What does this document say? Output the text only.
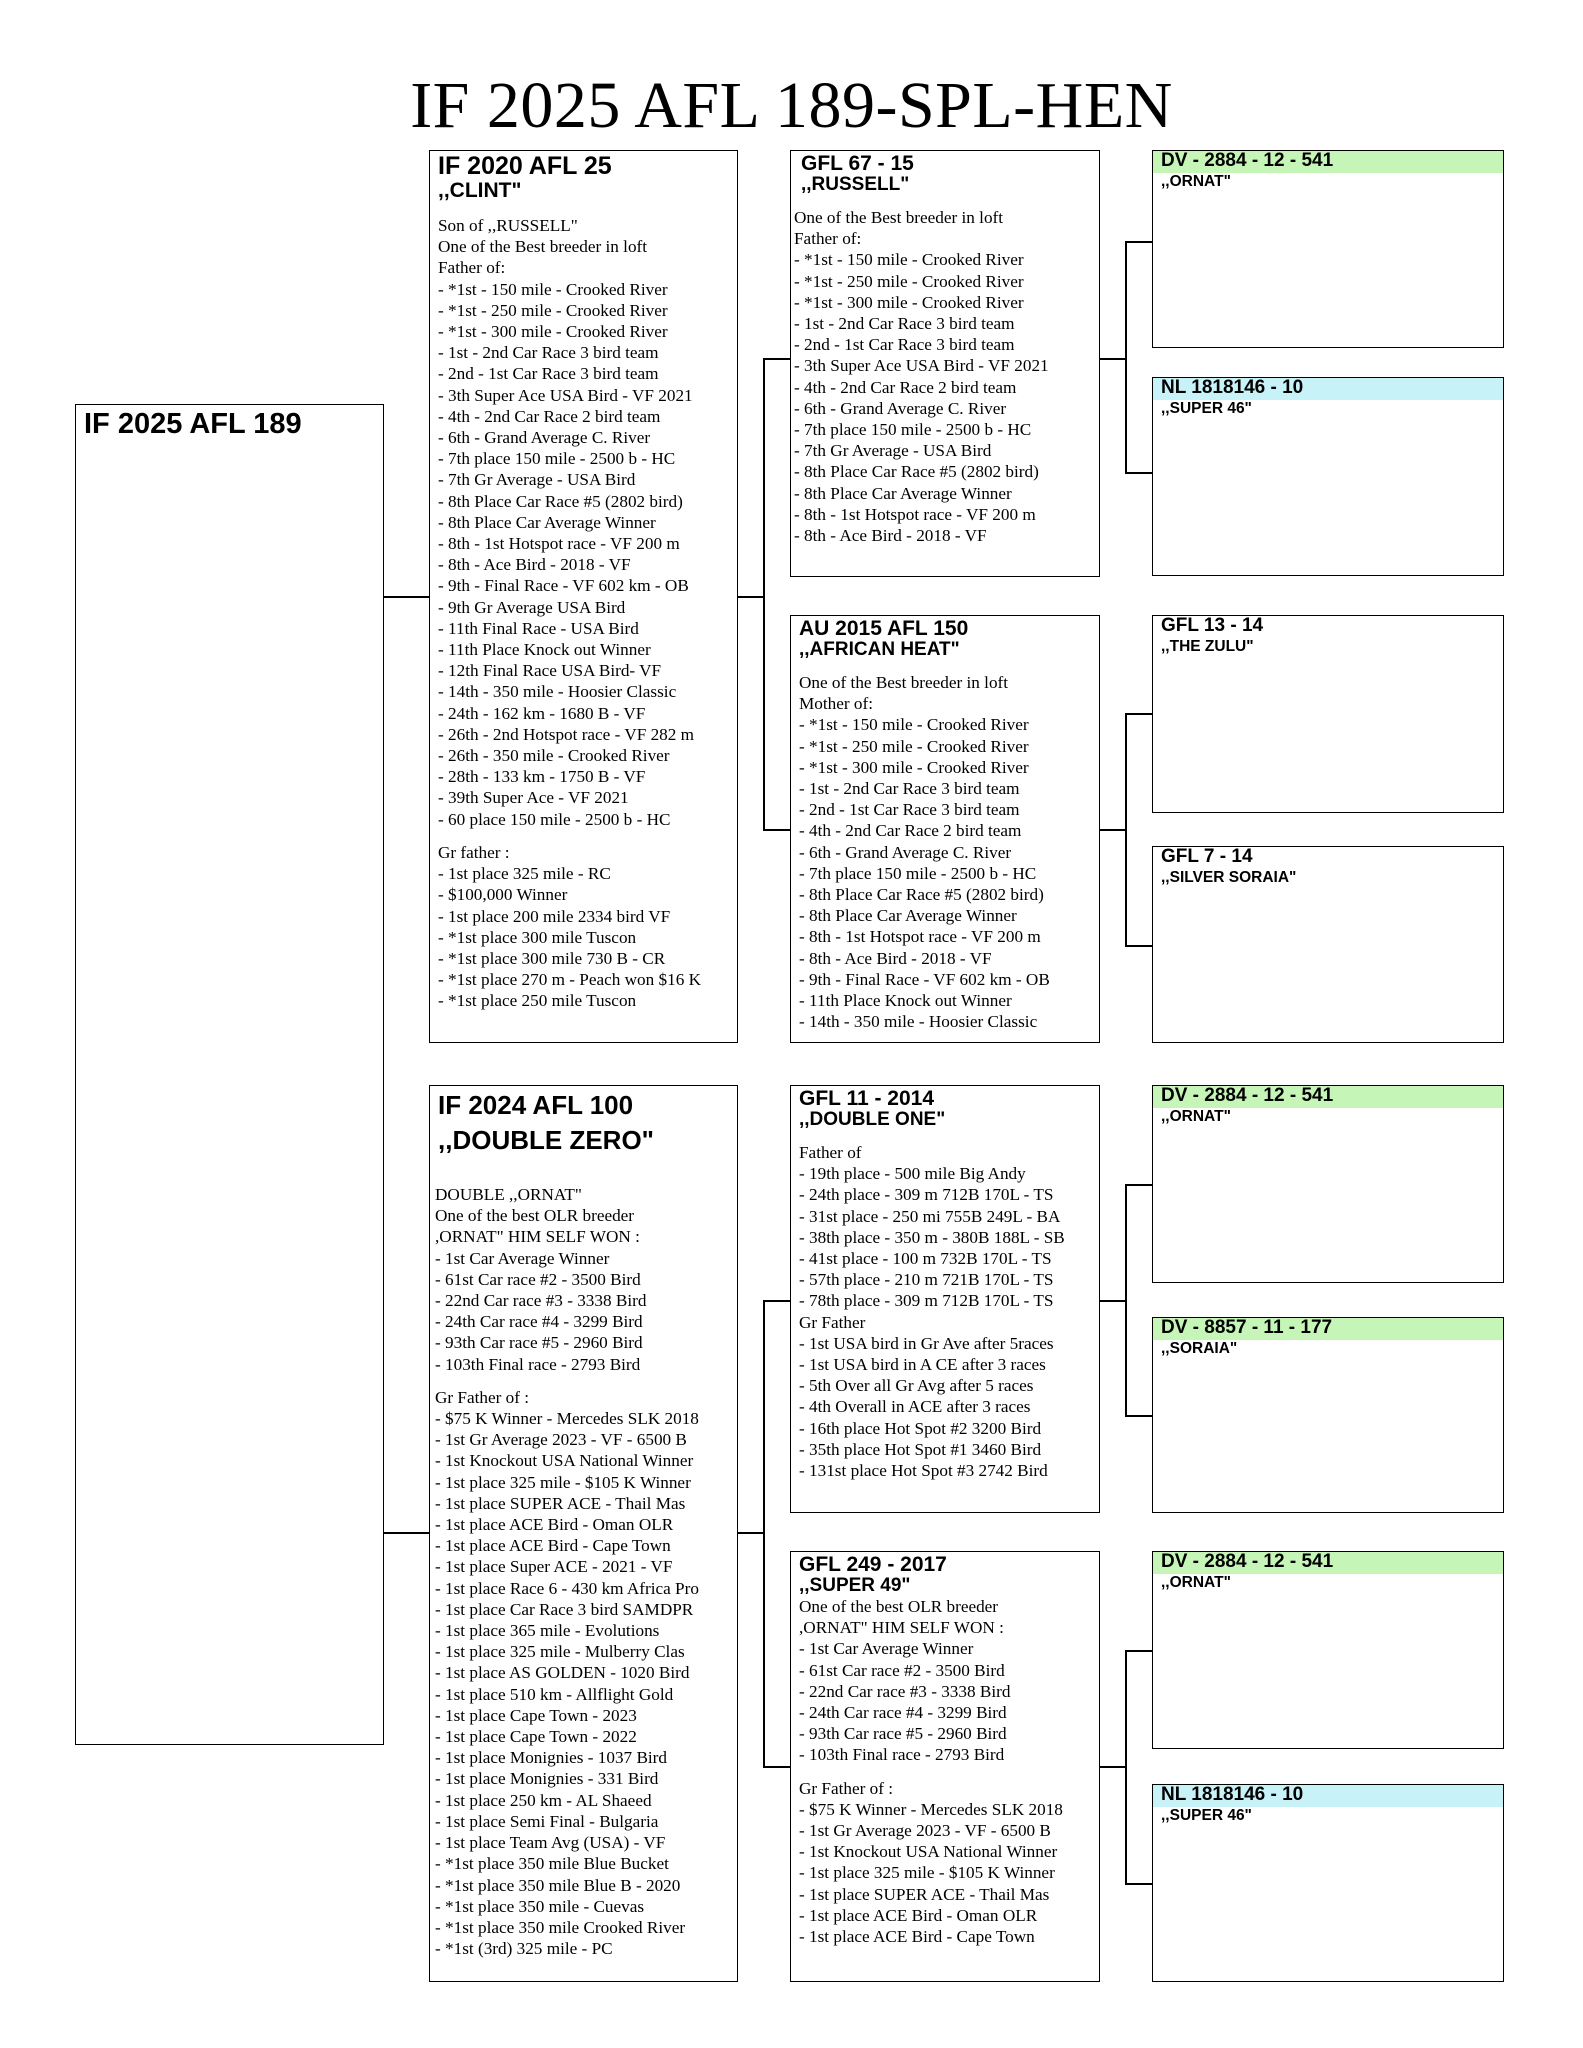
IF 2025 AFL 189-SPL-HEN
IF 2025 AFL 189
IF 2020 AFL 25
,,CLINT"
Son of ,,RUSSELL"
One of the Best breeder in loft
Father of:
- *1st - 150 mile - Crooked River
- *1st - 250 mile - Crooked River
- *1st - 300 mile - Crooked River
- 1st - 2nd Car Race 3 bird team
- 2nd - 1st Car Race 3 bird team
- 3th Super Ace USA Bird - VF 2021
- 4th - 2nd Car Race 2 bird team
- 6th - Grand Average C. River
- 7th place 150 mile - 2500 b - HC
- 7th Gr Average - USA Bird
- 8th Place Car Race #5 (2802 bird)
- 8th Place Car Average Winner
- 8th - 1st Hotspot race - VF 200 m
- 8th - Ace Bird - 2018 - VF
- 9th - Final Race - VF 602 km - OB
- 9th Gr Average USA Bird
- 11th Final Race - USA Bird
- 11th Place Knock out Winner
- 12th Final Race USA Bird- VF
- 14th - 350 mile - Hoosier Classic
- 24th - 162 km - 1680 B - VF
- 26th - 2nd Hotspot race - VF 282 m
- 26th - 350 mile - Crooked River
- 28th - 133 km - 1750 B - VF
- 39th Super Ace - VF 2021
- 60 place 150 mile - 2500 b - HC
Gr father :
- 1st place 325 mile - RC
- $100,000 Winner
- 1st place 200 mile 2334 bird VF
- *1st place 300 mile Tuscon
- *1st place 300 mile 730 B - CR
- *1st place 270 m - Peach won $16 K
- *1st place 250 mile Tuscon
IF 2024 AFL 100
,,DOUBLE ZERO"
DOUBLE ,,ORNAT"
One of the best OLR breeder
,ORNAT" HIM SELF WON :
- 1st Car Average Winner
- 61st Car race #2 - 3500 Bird
- 22nd Car race #3 - 3338 Bird
- 24th Car race #4 - 3299 Bird
- 93th Car race #5 - 2960 Bird
- 103th Final race - 2793 Bird
Gr Father of :
- $75 K Winner - Mercedes SLK 2018
- 1st Gr Average 2023 - VF - 6500 B
- 1st Knockout USA National Winner
- 1st place 325 mile - $105 K Winner
- 1st place SUPER ACE - Thail Mas
- 1st place ACE Bird - Oman OLR
- 1st place ACE Bird - Cape Town
- 1st place Super ACE - 2021 - VF
- 1st place Race 6 - 430 km Africa Pro
- 1st place Car Race 3 bird SAMDPR
- 1st place 365 mile - Evolutions
- 1st place 325 mile - Mulberry Clas
- 1st place AS GOLDEN - 1020 Bird
- 1st place 510 km - Allflight Gold
- 1st place Cape Town - 2023
- 1st place Cape Town - 2022
- 1st place Monignies - 1037 Bird
- 1st place Monignies - 331 Bird
- 1st place 250 km - AL Shaeed
- 1st place Semi Final - Bulgaria
- 1st place Team Avg (USA) - VF
- *1st place 350 mile Blue Bucket
- *1st place 350 mile Blue B - 2020
- *1st place 350 mile - Cuevas
- *1st place 350 mile Crooked River
- *1st (3rd) 325 mile - PC
GFL 67 - 15
,,RUSSELL"
One of the Best breeder in loft
Father of:
- *1st - 150 mile - Crooked River
- *1st - 250 mile - Crooked River
- *1st - 300 mile - Crooked River
- 1st - 2nd Car Race 3 bird team
- 2nd - 1st Car Race 3 bird team
- 3th Super Ace USA Bird - VF 2021
- 4th - 2nd Car Race 2 bird team
- 6th - Grand Average C. River
- 7th place 150 mile - 2500 b - HC
- 7th Gr Average - USA Bird
- 8th Place Car Race #5 (2802 bird)
- 8th Place Car Average Winner
- 8th - 1st Hotspot race - VF 200 m
- 8th - Ace Bird - 2018 - VF
AU 2015 AFL 150
,,AFRICAN HEAT"
One of the Best breeder in loft
Mother of:
- *1st - 150 mile - Crooked River
- *1st - 250 mile - Crooked River
- *1st - 300 mile - Crooked River
- 1st - 2nd Car Race 3 bird team
- 2nd - 1st Car Race 3 bird team
- 4th - 2nd Car Race 2 bird team
- 6th - Grand Average C. River
- 7th place 150 mile - 2500 b - HC
- 8th Place Car Race #5 (2802 bird)
- 8th Place Car Average Winner
- 8th - 1st Hotspot race - VF 200 m
- 8th - Ace Bird - 2018 - VF
- 9th - Final Race - VF 602 km - OB
- 11th Place Knock out Winner
- 14th - 350 mile - Hoosier Classic
GFL 11 - 2014
,,DOUBLE ONE"
Father of
- 19th place - 500 mile Big Andy
- 24th place - 309 m 712B 170L - TS
- 31st place - 250 mi 755B 249L - BA
- 38th place - 350 m - 380B 188L - SB
- 41st place - 100 m 732B 170L - TS
- 57th place - 210 m 721B 170L - TS
- 78th place - 309 m 712B 170L - TS
Gr Father
- 1st USA bird in Gr Ave after 5races
- 1st USA bird in A CE after 3 races
- 5th Over all Gr Avg after 5 races
- 4th Overall in ACE after 3 races
- 16th place Hot Spot #2 3200 Bird
- 35th place Hot Spot #1 3460 Bird
- 131st place Hot Spot #3 2742 Bird
GFL 249 - 2017
,,SUPER 49"
One of the best OLR breeder
,ORNAT" HIM SELF WON :
- 1st Car Average Winner
- 61st Car race #2 - 3500 Bird
- 22nd Car race #3 - 3338 Bird
- 24th Car race #4 - 3299 Bird
- 93th Car race #5 - 2960 Bird
- 103th Final race - 2793 Bird
Gr Father of :
- $75 K Winner - Mercedes SLK 2018
- 1st Gr Average 2023 - VF - 6500 B
- 1st Knockout USA National Winner
- 1st place 325 mile - $105 K Winner
- 1st place SUPER ACE - Thail Mas
- 1st place ACE Bird - Oman OLR
- 1st place ACE Bird - Cape Town
DV - 2884 - 12 - 541
,,ORNAT"
NL 1818146 - 10
,,SUPER 46"
GFL 13 - 14
,,THE ZULU"
GFL 7 - 14
,,SILVER SORAIA"
DV - 2884 - 12 - 541
,,ORNAT"
DV - 8857 - 11 - 177
,,SORAIA"
DV - 2884 - 12 - 541
,,ORNAT"
NL 1818146 - 10
,,SUPER 46"
